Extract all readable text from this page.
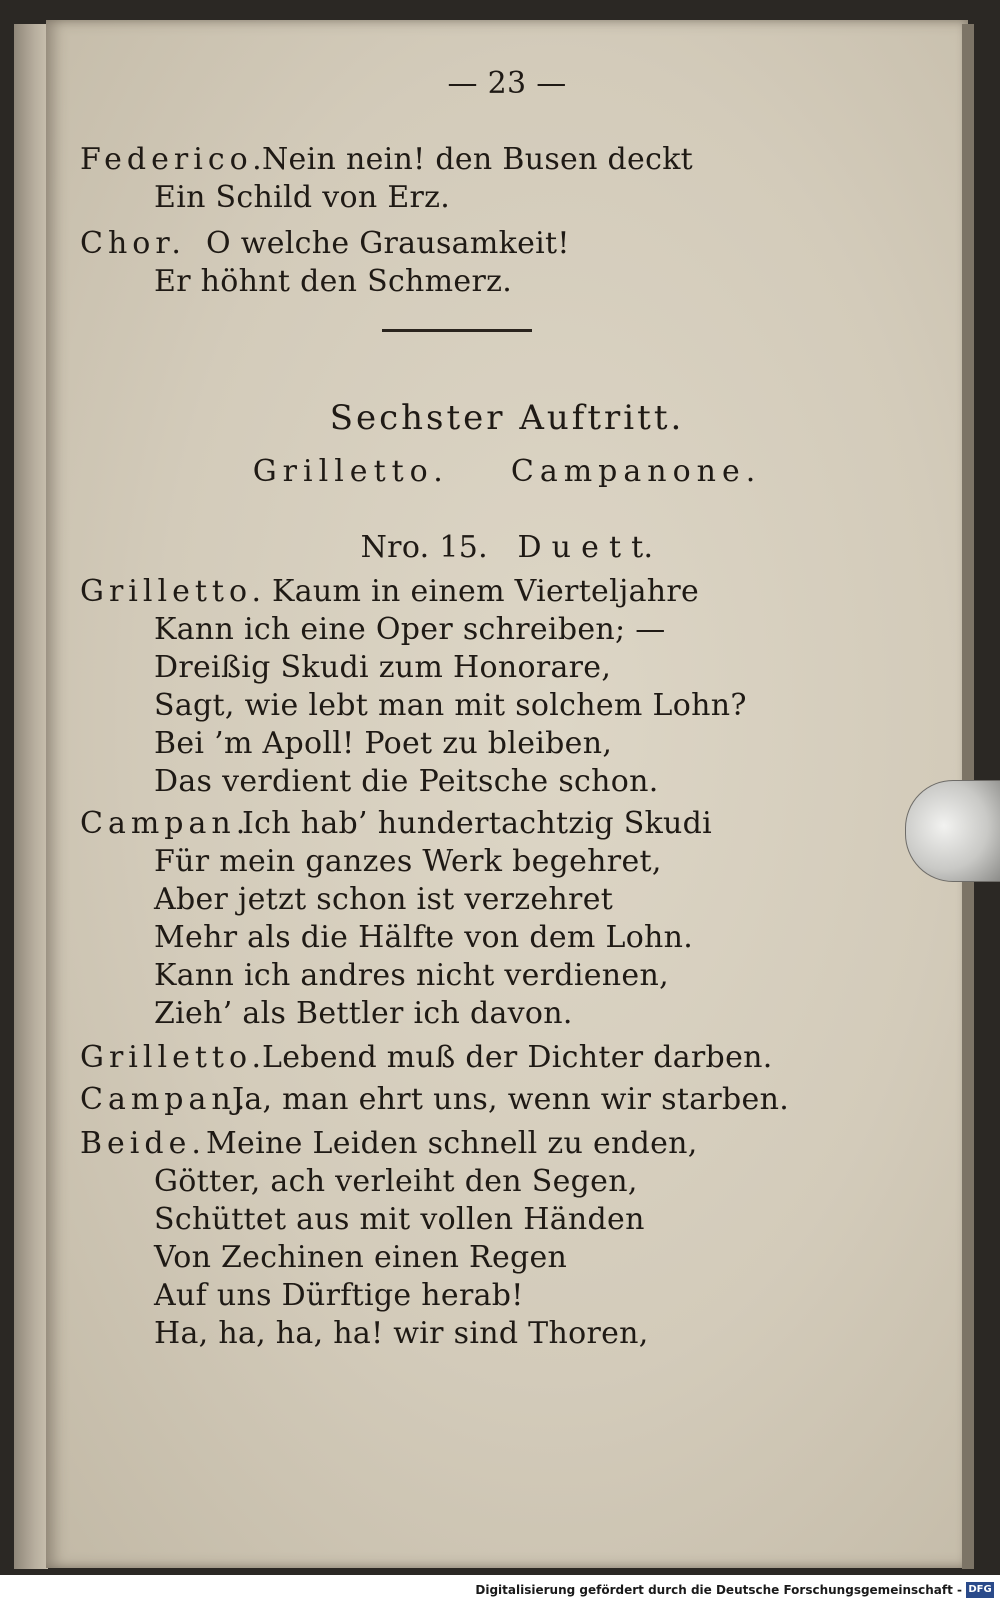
— 23 —
Federico.
Nein nein! den Busen deckt
Ein Schild von Erz.
Chor. O welche Grausamkeit!
Er höhnt den Schmerz.
Sechster Auftritt.
Grilletto.    Campanone.
Nro. 15.   D u e t t.
Grilletto. Kaum in einem Vierteljahre
Kann ich eine Oper schreiben; —
Dreißig Skudi zum Honorare,
Sagt, wie lebt man mit solchem Lohn?
Bei ’m Apoll! Poet zu bleiben,
Das verdient die Peitsche schon.
Campan.
Ich hab’ hundertachtzig Skudi
Für mein ganzes Werk begehret,
Aber jetzt schon ist verzehret
Mehr als die Hälfte von dem Lohn.
Kann ich andres nicht verdienen,
Zieh’ als Bettler ich davon.
Grilletto.
Lebend muß der Dichter darben.
Campan.
Ja, man ehrt uns, wenn wir starben.
Beide. Meine Leiden schnell zu enden,
Götter, ach verleiht den Segen,
Schüttet aus mit vollen Händen
Von Zechinen einen Regen
Auf uns Dürftige herab!
Ha, ha, ha, ha! wir sind Thoren,
Digitalisierung gefördert durch die Deutsche Forschungsgemeinschaft - DFG
